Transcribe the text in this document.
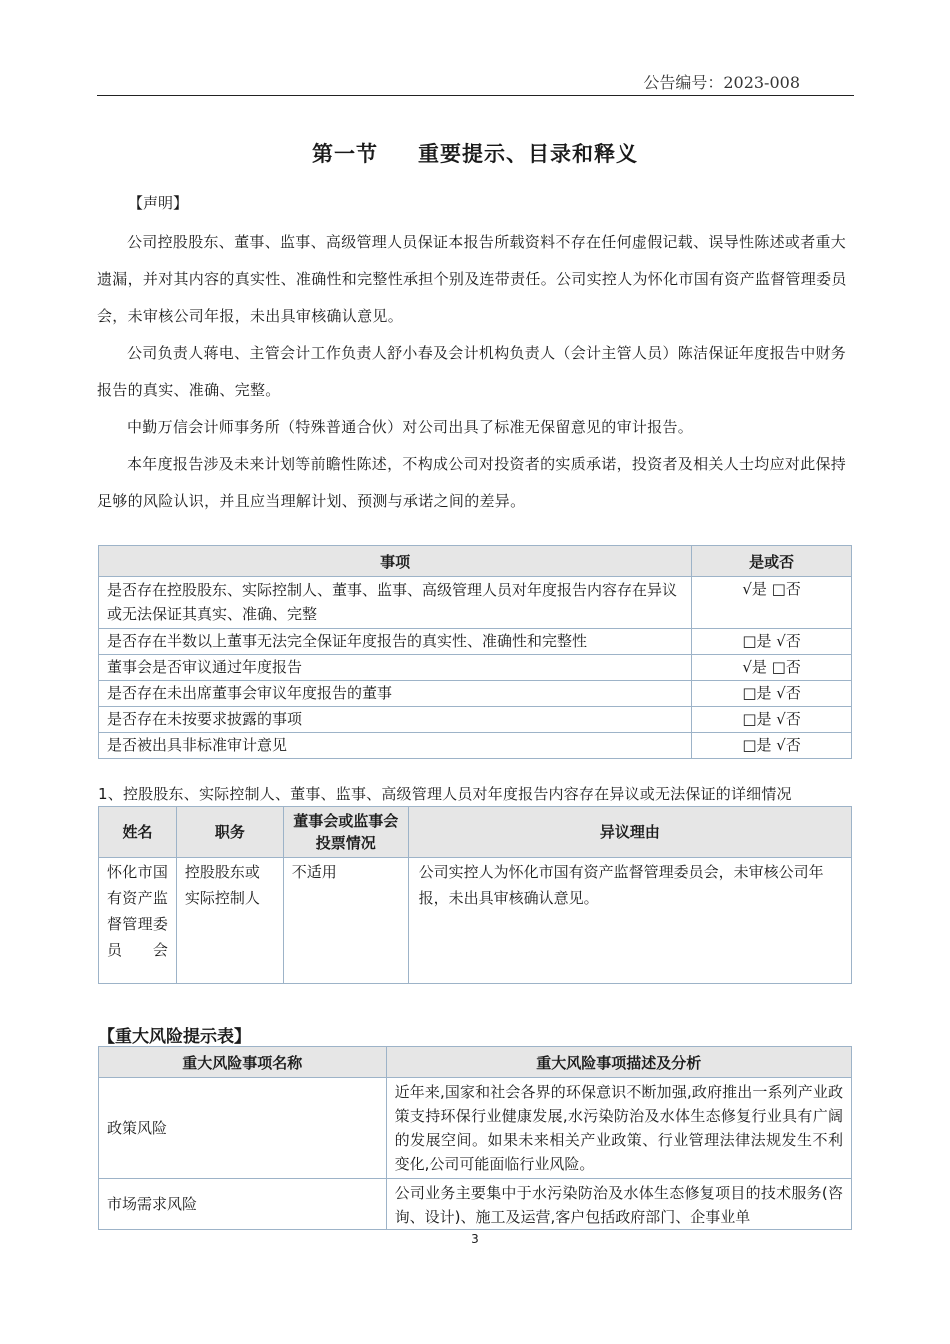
公告编号：2023-008
第一节 重要提示、目录和释义
【声明】

公司控股股东、董事、监事、高级管理人员保证本报告所载资料不存在任何虚假记载、误导性陈述或者重大遗漏，并对其内容的真实性、准确性和完整性承担个别及连带责任。公司实控人为怀化市国有资产监督管理委员会，未审核公司年报，未出具审核确认意见。

公司负责人蒋电、主管会计工作负责人舒小春及会计机构负责人（会计主管人员）陈洁保证年度报告中财务报告的真实、准确、完整。

中勤万信会计师事务所（特殊普通合伙）对公司出具了标准无保留意见的审计报告。

本年度报告涉及未来计划等前瞻性陈述，不构成公司对投资者的实质承诺，投资者及相关人士均应对此保持足够的风险认识，并且应当理解计划、预测与承诺之间的差异。

事项	是或否
是否存在控股股东、实际控制人、董事、监事、高级管理人员对年度报告内容存在异议或无法保证其真实、准确、完整	√是 □否
是否存在半数以上董事无法完全保证年度报告的真实性、准确性和完整性	□是 √否
董事会是否审议通过年度报告	√是 □否
是否存在未出席董事会审议年度报告的董事	□是 √否
是否存在未按要求披露的事项	□是 √否
是否被出具非标准审计意见	□是 √否
1、控股股东、实际控制人、董事、监事、高级管理人员对年度报告内容存在异议或无法保证的详细情况
姓名	职务	董事会或监事会投票情况	异议理由
怀化市国有资产监督管理委员会	控股股东或实际控制人	不适用	公司实控人为怀化市国有资产监督管理委员会，未审核公司年报，未出具审核确认意见。
【重大风险提示表】
重大风险事项名称	重大风险事项描述及分析
政策风险	近年来,国家和社会各界的环保意识不断加强,政府推出一系列产业政策支持环保行业健康发展,水污染防治及水体生态修复行业具有广阔的发展空间。如果未来相关产业政策、行业管理法律法规发生不利变化,公司可能面临行业风险。
市场需求风险	公司业务主要集中于水污染防治及水体生态修复项目的技术服务(咨询、设计)、施工及运营,客户包括政府部门、企事业单
3
